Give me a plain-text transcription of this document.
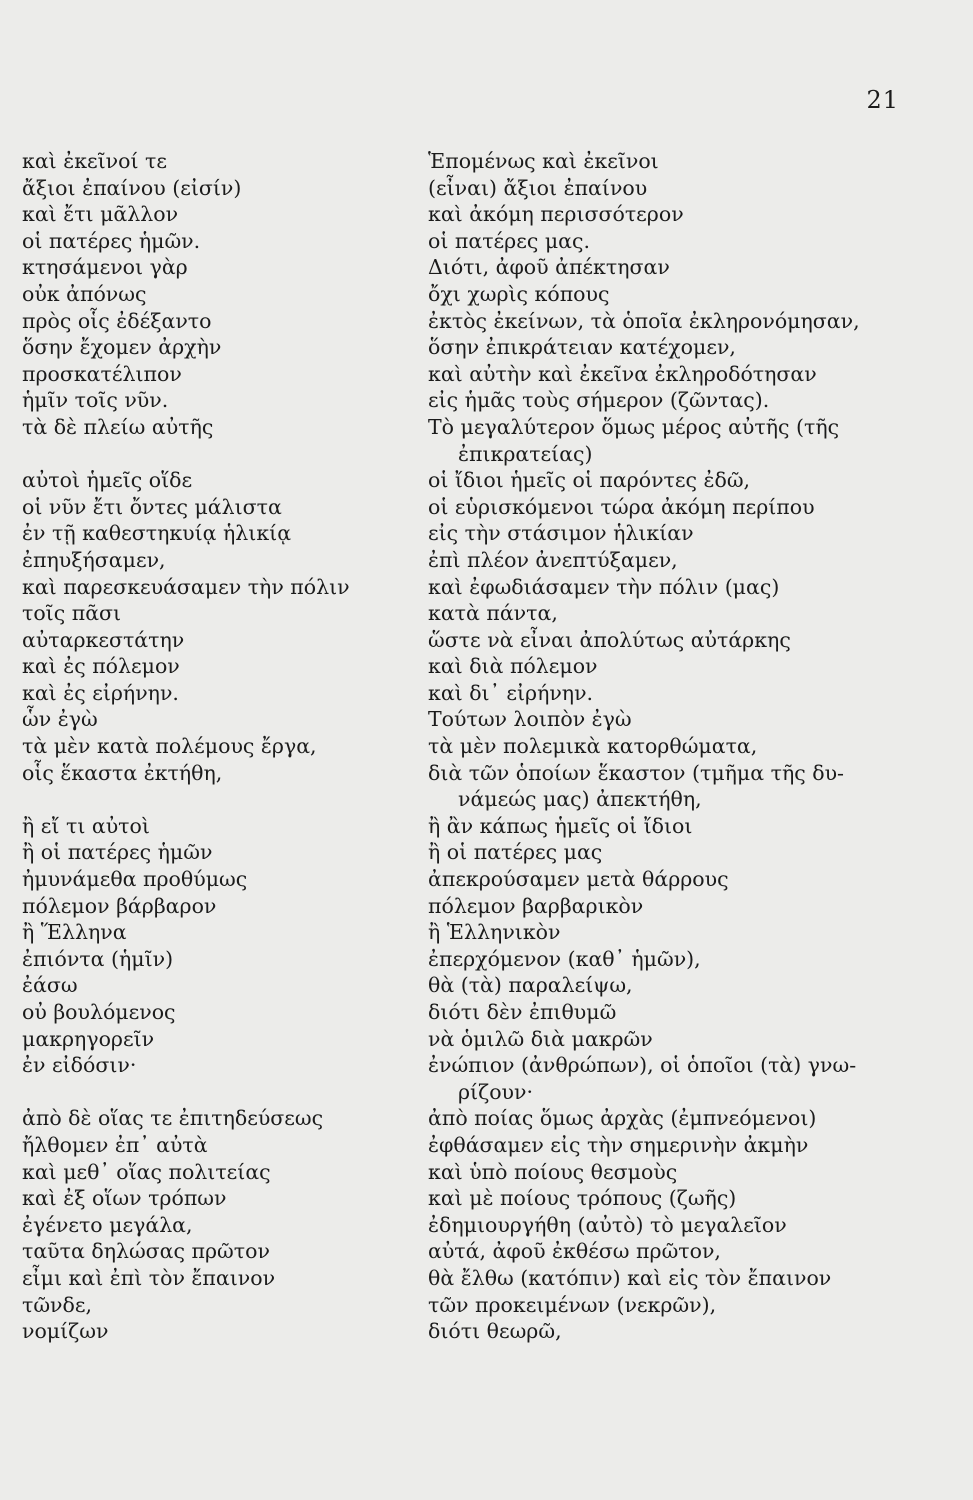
21
καὶ ἐκεῖνοί τε
ἄξιοι ἐπαίνου (εἰσίν)
καὶ ἔτι μᾶλλον
οἱ πατέρες ἡμῶν.
κτησάμενοι γὰρ
οὐκ ἀπόνως
πρὸς οἷς ἐδέξαντο
ὅσην ἔχομεν ἀρχὴν
προσκατέλιπον
ἡμῖν τοῖς νῦν.
τὰ δὲ πλείω αὐτῆς
αὐτοὶ ἡμεῖς οἵδε
οἱ νῦν ἔτι ὄντες μάλιστα
ἐν τῇ καθεστηκυίᾳ ἡλικίᾳ
ἐπηυξήσαμεν,
καὶ παρεσκευάσαμεν τὴν πόλιν
τοῖς πᾶσι
αὐταρκεστάτην
καὶ ἐς πόλεμον
καὶ ἐς εἰρήνην.
ὧν ἐγὼ
τὰ μὲν κατὰ πολέμους ἔργα,
οἷς ἕκαστα ἐκτήθη,
ἢ εἴ τι αὐτοὶ
ἢ οἱ πατέρες ἡμῶν
ἠμυνάμεθα προθύμως
πόλεμον βάρβαρον
ἢ Ἕλληνα
ἐπιόντα (ἡμῖν)
ἐάσω
οὐ βουλόμενος
μακρηγορεῖν
ἐν εἰδόσιν·
ἀπὸ δὲ οἵας τε ἐπιτηδεύσεως
ἤλθομεν ἐπ᾽ αὐτὰ
καὶ μεθ᾽ οἵας πολιτείας
καὶ ἐξ οἵων τρόπων
ἐγένετο μεγάλα,
ταῦτα δηλώσας πρῶτον
εἶμι καὶ ἐπὶ τὸν ἔπαινον
τῶνδε,
νομίζων
Ἑπομένως καὶ ἐκεῖνοι
(εἶναι) ἄξιοι ἐπαίνου
καὶ ἀκόμη περισσότερον
οἱ πατέρες μας.
Διότι, ἀφοῦ ἀπέκτησαν
ὄχι χωρὶς κόπους
ἐκτὸς ἐκείνων, τὰ ὁποῖα ἐκληρονόμησαν,
ὅσην ἐπικράτειαν κατέχομεν,
καὶ αὐτὴν καὶ ἐκεῖνα ἐκληροδότησαν
εἰς ἡμᾶς τοὺς σήμερον (ζῶντας).
Τὸ μεγαλύτερον ὅμως μέρος αὐτῆς (τῆς
ἐπικρατείας)
οἱ ἴδιοι ἡμεῖς οἱ παρόντες ἐδῶ,
οἱ εὑρισκόμενοι τώρα ἀκόμη περίπου
εἰς τὴν στάσιμον ἡλικίαν
ἐπὶ πλέον ἀνεπτύξαμεν,
καὶ ἐφωδιάσαμεν τὴν πόλιν (μας)
κατὰ πάντα,
ὥστε νὰ εἶναι ἀπολύτως αὐτάρκης
καὶ διὰ πόλεμον
καὶ δι᾽ εἰρήνην.
Τούτων λοιπὸν ἐγὼ
τὰ μὲν πολεμικὰ κατορθώματα,
διὰ τῶν ὁποίων ἕκαστον (τμῆμα τῆς δυ-
νάμεώς μας) ἀπεκτήθη,
ἢ ἂν κάπως ἡμεῖς οἱ ἴδιοι
ἢ οἱ πατέρες μας
ἀπεκρούσαμεν μετὰ θάρρους
πόλεμον βαρβαρικὸν
ἢ Ἑλληνικὸν
ἐπερχόμενον (καθ᾽ ἡμῶν),
θὰ (τὰ) παραλείψω,
διότι δὲν ἐπιθυμῶ
νὰ ὁμιλῶ διὰ μακρῶν
ἐνώπιον (ἀνθρώπων), οἱ ὁποῖοι (τὰ) γνω-
ρίζουν·
ἀπὸ ποίας ὅμως ἀρχὰς (ἐμπνεόμενοι)
ἐφθάσαμεν εἰς τὴν σημερινὴν ἀκμὴν
καὶ ὑπὸ ποίους θεσμοὺς
καὶ μὲ ποίους τρόπους (ζωῆς)
ἐδημιουργήθη (αὐτὸ) τὸ μεγαλεῖον
αὐτά, ἀφοῦ ἐκθέσω πρῶτον,
θὰ ἔλθω (κατόπιν) καὶ εἰς τὸν ἔπαινον
τῶν προκειμένων (νεκρῶν),
διότι θεωρῶ,
